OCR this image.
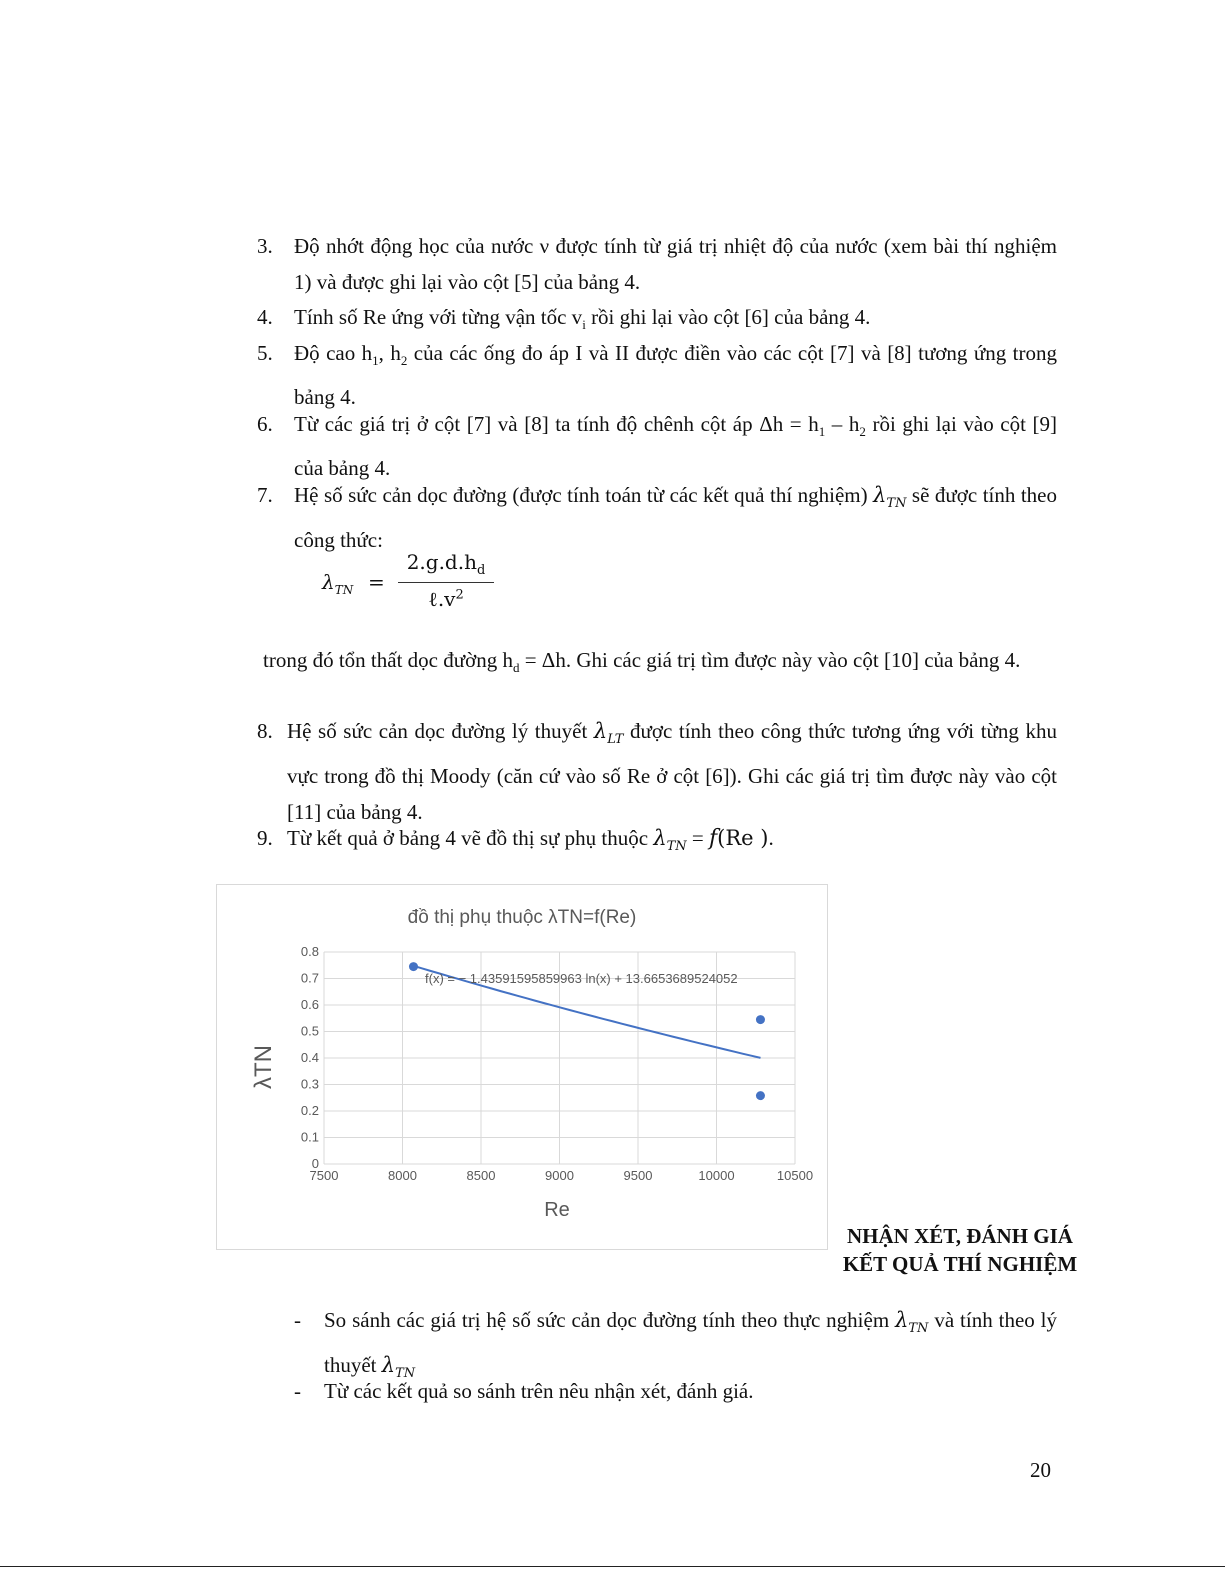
3.	Độ nhớt động học của nước ν được tính từ giá trị nhiệt độ của nước (xem bài thí nghiệm 1) và được ghi lại vào cột [5] của bảng 4.
4.	Tính số Re ứng với từng vận tốc $v_i$ rồi ghi lại vào cột [6] của bảng 4.
5.	Độ cao $h_1$, $h_2$ của các ống đo áp I và II được điền vào các cột [7] và [8] tương ứng trong bảng 4.
6.	Từ các giá trị ở cột [7] và [8] ta tính độ chênh cột áp $\Delta h = h_1 - h_2$ rồi ghi lại vào cột [9] của bảng 4.
7.	Hệ số sức cản dọc đường (được tính toán từ các kết quả thí nghiệm) $\lambda_{TN}$ sẽ được tính theo công thức:
$\lambda_{TN}$ =
$2.g.d.h_d$
$\ell.v^2$
trong đó tổn thất dọc đường $h_d = \Delta h$. Ghi các giá trị tìm được này vào cột [10] của bảng 4.
8. Hệ số sức cản dọc đường lý thuyết $\lambda_{LT}$ được tính theo công thức tương ứng với từng khu vực trong đồ thị Moody (căn cứ vào số Re ở cột [6]). Ghi các giá trị tìm được này vào cột [11] của bảng 4.
9. Từ kết quả ở bảng 4 vẽ đồ thị sự phụ thuộc $\lambda_{TN} = f(Re$ ).
đồ thị phụ thuộc λTN=f(Re)
0
0.1
0.2
0.3
0.4
0.5
0.6
0.7
0.8
7500	8000	8500	9000	9500	10000	10500
f(x) = − 1.43591595859963 ln(x) + 13.6653689524052
Re
λTN
NHẬN XÉT, ĐÁNH GIÁ
KẾT QUẢ THÍ NGHIỆM
- So sánh các giá trị hệ số sức cản dọc đường tính theo thực nghiệm $\lambda_{TN}$ và tính theo lý thuyết $\lambda_{TN}$
- Từ các kết quả so sánh trên nêu nhận xét, đánh giá.
20
